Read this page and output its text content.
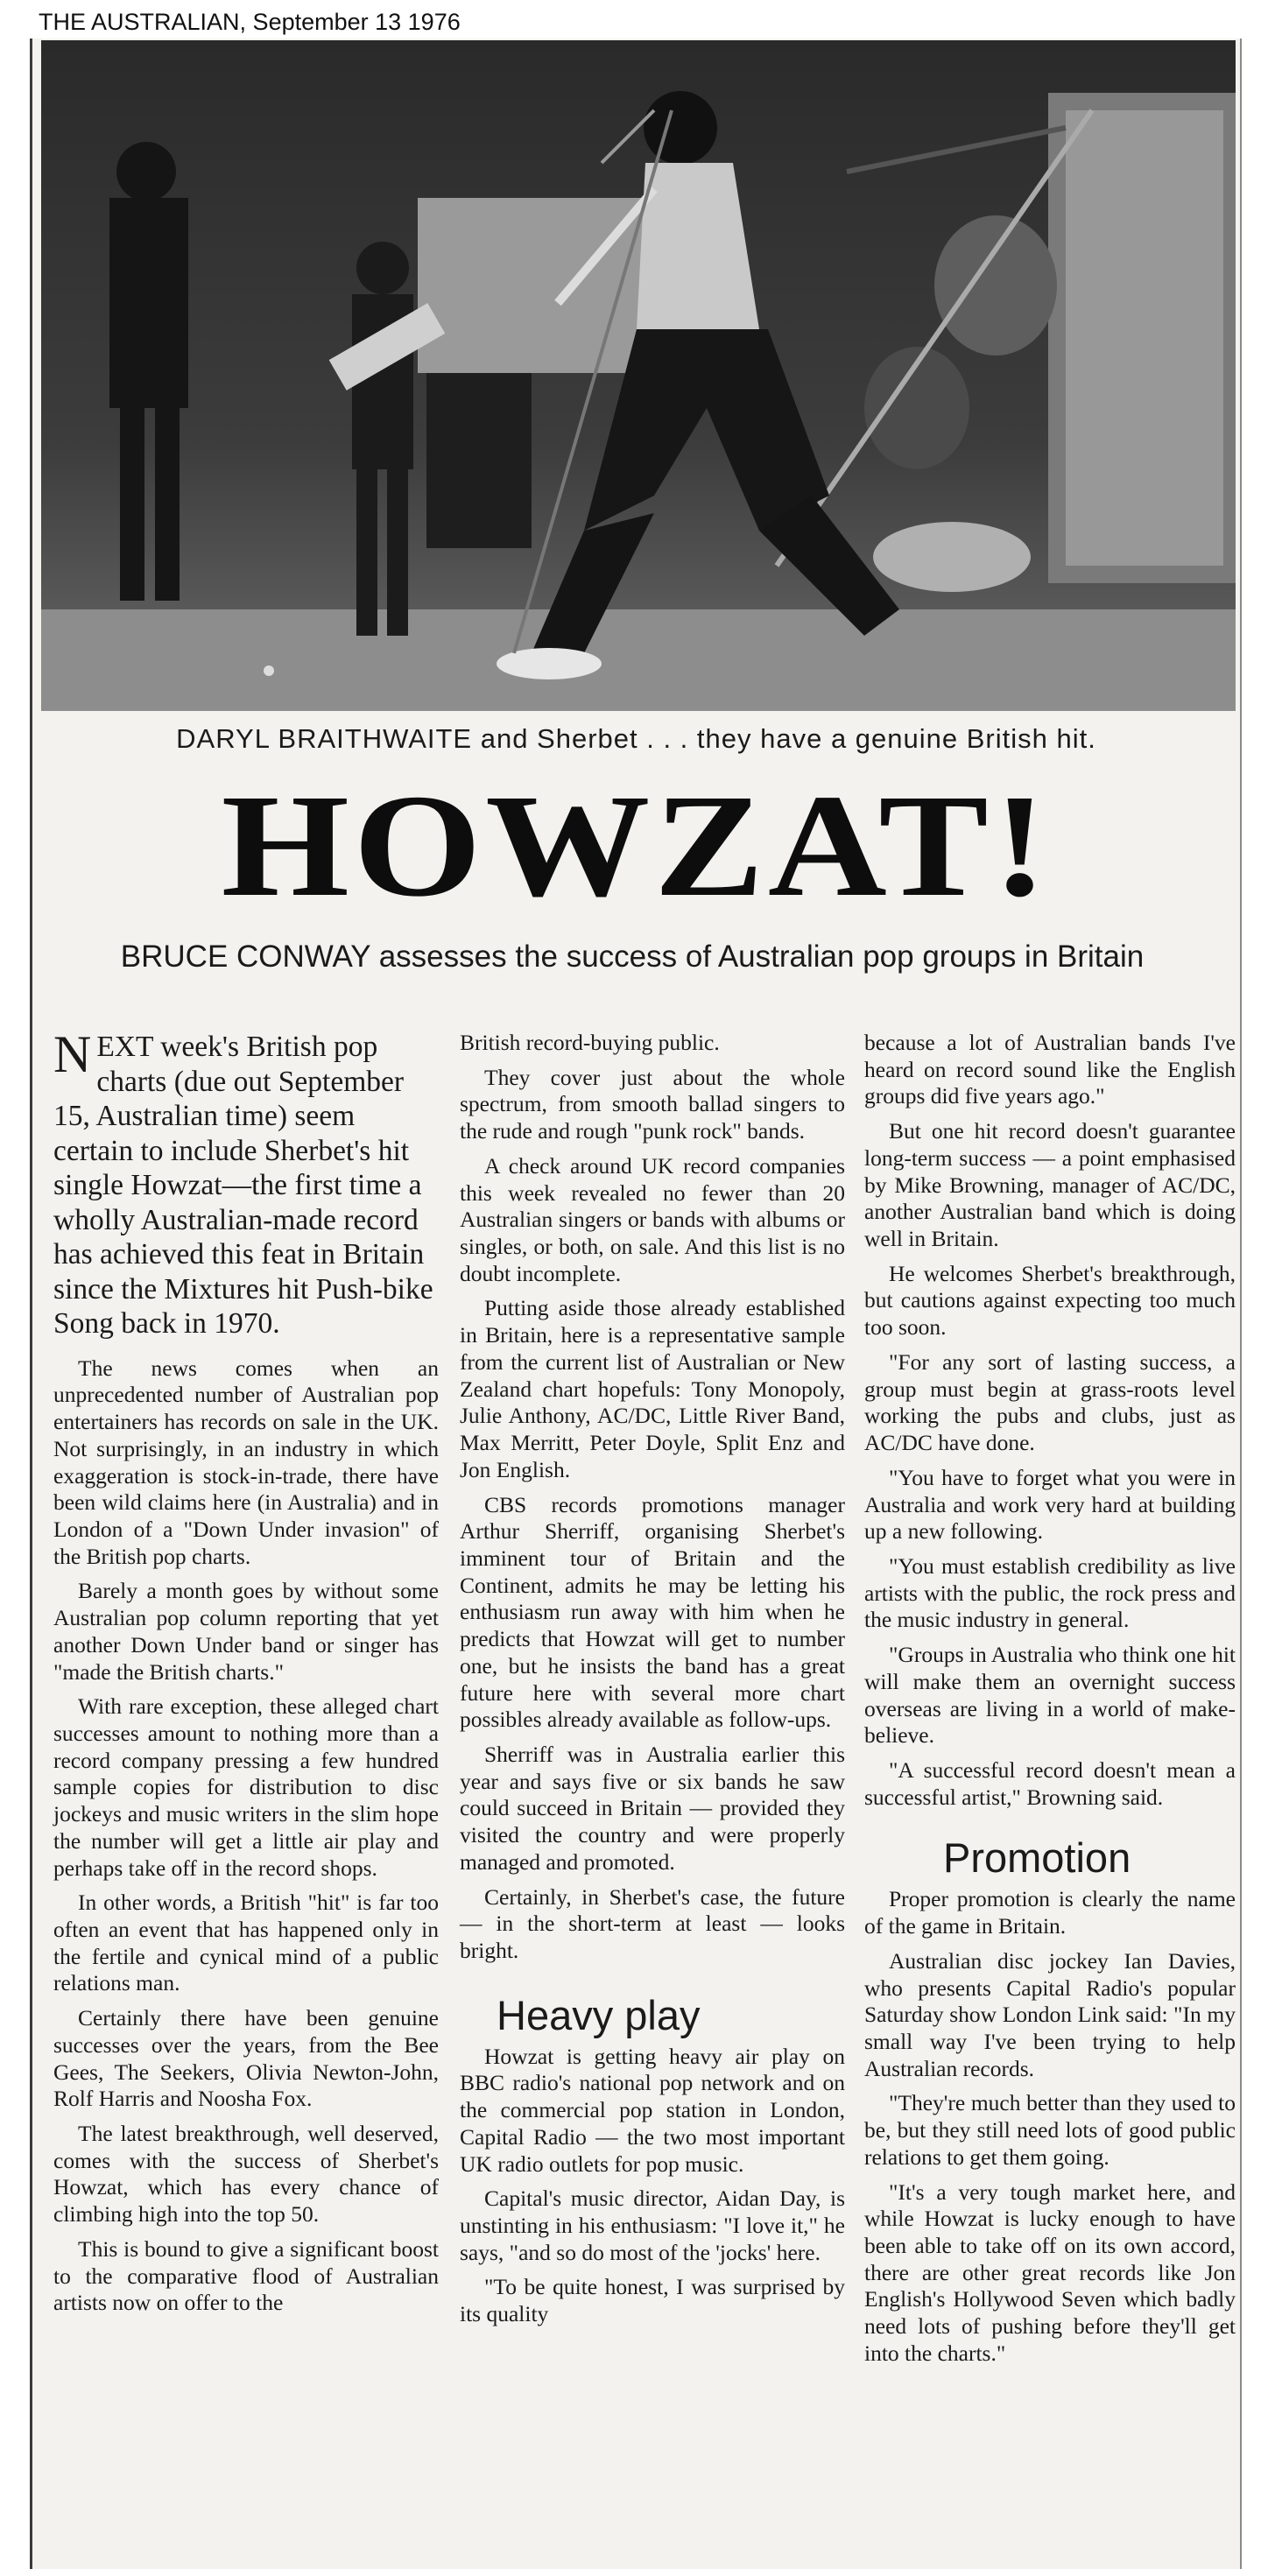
THE AUSTRALIAN, September 13 1976
DARYL BRAITHWAITE and Sherbet . . . they have a genuine British hit.
HOWZAT!
BRUCE CONWAY assesses the success of Australian pop groups in Britain

NEXT week's British pop charts (due out September 15, Australian time) seem certain to include Sherbet's hit single Howzat—the first time a wholly Australian-made record has achieved this feat in Britain since the Mixtures hit Push-bike Song back in 1970.

The news comes when an unprecedented number of Australian pop entertainers has records on sale in the UK. Not surprisingly, in an industry in which exaggeration is stock-in-trade, there have been wild claims here (in Australia) and in London of a "Down Under invasion" of the British pop charts.

Barely a month goes by without some Australian pop column reporting that yet another Down Under band or singer has "made the British charts."

With rare exception, these alleged chart successes amount to nothing more than a record company pressing a few hundred sample copies for distribution to disc jockeys and music writers in the slim hope the number will get a little air play and perhaps take off in the record shops.

In other words, a British "hit" is far too often an event that has happened only in the fertile and cynical mind of a public relations man.

Certainly there have been genuine successes over the years, from the Bee Gees, The Seekers, Olivia Newton-John, Rolf Harris and Noosha Fox.

The latest breakthrough, well deserved, comes with the success of Sherbet's Howzat, which has every chance of climbing high into the top 50.

This is bound to give a significant boost to the comparative flood of Australian artists now on offer to the

British record-buying public.

They cover just about the whole spectrum, from smooth ballad singers to the rude and rough "punk rock" bands.

A check around UK record companies this week revealed no fewer than 20 Australian singers or bands with albums or singles, or both, on sale. And this list is no doubt incomplete.

Putting aside those already established in Britain, here is a representative sample from the current list of Australian or New Zealand chart hopefuls: Tony Monopoly, Julie Anthony, AC/DC, Little River Band, Max Merritt, Peter Doyle, Split Enz and Jon English.

CBS records promotions manager Arthur Sherriff, organising Sherbet's imminent tour of Britain and the Continent, admits he may be letting his enthusiasm run away with him when he predicts that Howzat will get to number one, but he insists the band has a great future here with several more chart possibles already available as follow-ups.

Sherriff was in Australia earlier this year and says five or six bands he saw could succeed in Britain — provided they visited the country and were properly managed and promoted.

Certainly, in Sherbet's case, the future — in the short-term at least — looks bright.

Heavy play

Howzat is getting heavy air play on BBC radio's national pop network and on the commercial pop station in London, Capital Radio — the two most important UK radio outlets for pop music.

Capital's music director, Aidan Day, is unstinting in his enthusiasm: "I love it," he says, "and so do most of the 'jocks' here.

"To be quite honest, I was surprised by its quality

because a lot of Australian bands I've heard on record sound like the English groups did five years ago."

But one hit record doesn't guarantee long-term success — a point emphasised by Mike Browning, manager of AC/DC, another Australian band which is doing well in Britain.

He welcomes Sherbet's breakthrough, but cautions against expecting too much too soon.

"For any sort of lasting success, a group must begin at grass-roots level working the pubs and clubs, just as AC/DC have done.

"You have to forget what you were in Australia and work very hard at building up a new following.

"You must establish credibility as live artists with the public, the rock press and the music industry in general.

"Groups in Australia who think one hit will make them an overnight success overseas are living in a world of make-believe.

"A successful record doesn't mean a successful artist," Browning said.

Promotion

Proper promotion is clearly the name of the game in Britain.

Australian disc jockey Ian Davies, who presents Capital Radio's popular Saturday show London Link said: "In my small way I've been trying to help Australian records.

"They're much better than they used to be, but they still need lots of good public relations to get them going.

"It's a very tough market here, and while Howzat is lucky enough to have been able to take off on its own accord, there are other great records like Jon English's Hollywood Seven which badly need lots of pushing before they'll get into the charts."
